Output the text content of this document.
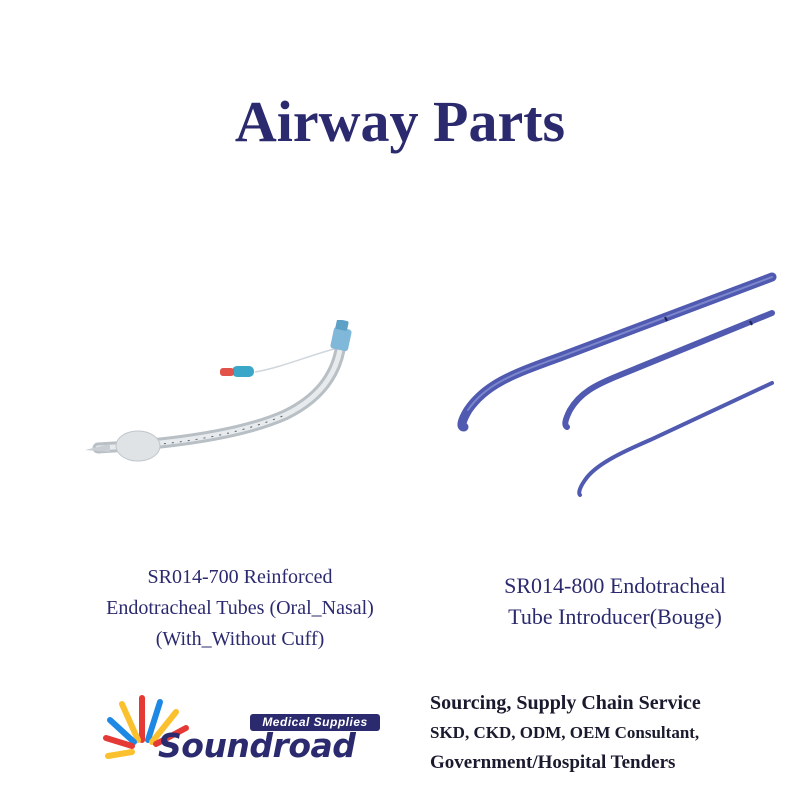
Airway Parts
SR014-700 Reinforced
Endotracheal Tubes (Oral_Nasal)
(With_Without Cuff)
SR014-800 Endotracheal
Tube Introducer(Bouge)
Medical Supplies
Soundroad
Sourcing, Supply Chain Service
SKD, CKD, ODM, OEM Consultant,
Government/Hospital Tenders
